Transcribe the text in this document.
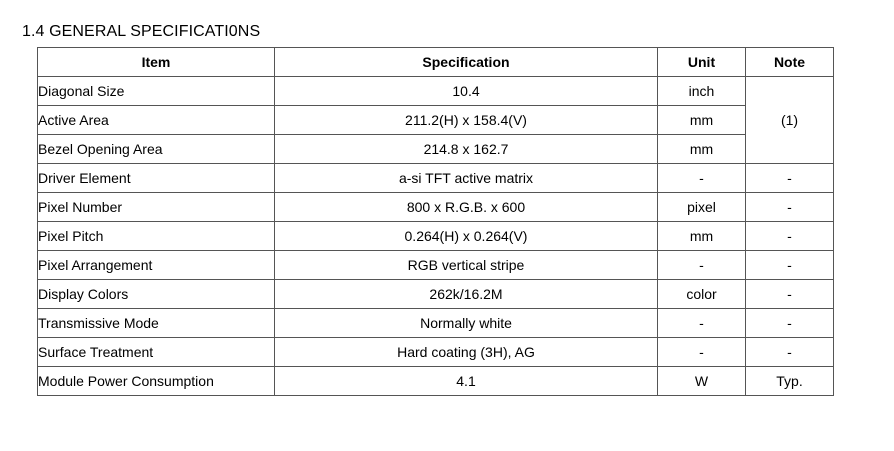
1.4 GENERAL SPECIFICATI0NS
Item	Specification	Unit	Note
Diagonal Size	10.4	inch	(1)
Active Area	211.2(H) x 158.4(V)	mm	
Bezel Opening Area	214.8 x 162.7	mm	
Driver Element	a-si TFT active matrix	-	-
Pixel Number	800 x R.G.B. x 600	pixel	-
Pixel Pitch	0.264(H) x 0.264(V)	mm	-
Pixel Arrangement	RGB vertical stripe	-	-
Display Colors	262k/16.2M	color	-
Transmissive Mode	Normally white	-	-
Surface Treatment	Hard coating (3H), AG	-	-
Module Power Consumption	4.1	W	Typ.
